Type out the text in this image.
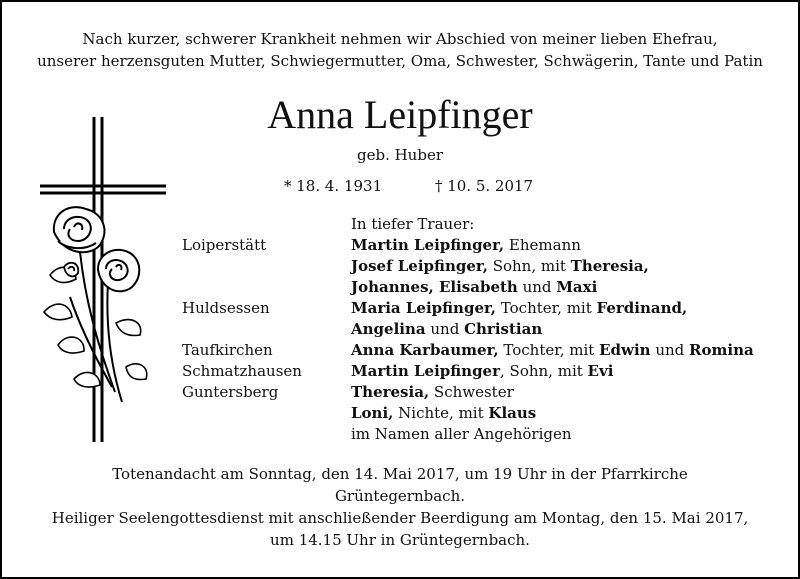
Nach kurzer, schwerer Krankheit nehmen wir Abschied von meiner lieben Ehefrau,
unserer herzensguten Mutter, Schwiegermutter, Oma, Schwester, Schwägerin, Tante und Patin
Anna Leipfinger
geb. Huber
* 18. 4. 1931	† 10. 5. 2017
In tiefer Trauer:
Loiperstätt	Martin Leipfinger, Ehemann
Josef Leipfinger, Sohn, mit Theresia,
Johannes, Elisabeth und Maxi
Huldsessen	Maria Leipfinger, Tochter, mit Ferdinand,
Angelina und Christian
Taufkirchen	Anna Karbaumer, Tochter, mit Edwin und Romina
Schmatzhausen	Martin Leipfinger, Sohn, mit Evi
Guntersberg	Theresia, Schwester
Loni, Nichte, mit Klaus
im Namen aller Angehörigen
Totenandacht am Sonntag, den 14. Mai 2017, um 19 Uhr in der Pfarrkirche
Grüntegernbach.
Heiliger Seelengottesdienst mit anschließender Beerdigung am Montag, den 15. Mai 2017,
um 14.15 Uhr in Grüntegernbach.
